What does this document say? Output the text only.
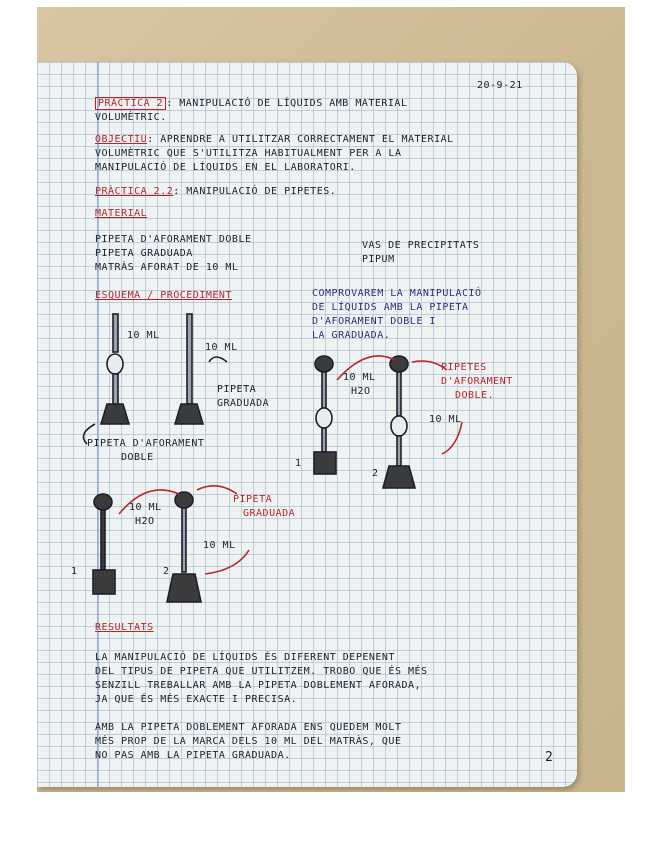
20-9-21
PRÀCTICA 2 : MANIPULACIÓ DE LÍQUIDS AMB MATERIAL
VOLUMÈTRIC.
OBJECTIU: APRENDRE A UTILITZAR CORRECTAMENT EL MATERIAL
VOLUMÈTRIC QUE S'UTILITZA HABITUALMENT PER A LA
MANIPULACIÓ DE LÍQUIDS EN EL LABORATORI.
PRÀCTICA 2.2: MANIPULACIÓ DE PIPETES.
MATERIAL
PIPETA D'AFORAMENT DOBLE
PIPETA GRADUADA
MATRÀS AFORAT DE 10 ML
VAS DE PRECIPITATS
PIPUM
ESQUEMA / PROCEDIMENT	COMPROVAREM LA MANIPULACIÓ
DE LÍQUIDS AMB LA PIPETA
D'AFORAMENT DOBLE I
LA GRADUADA.
10 ML
10 ML
PIPETA
GRADUADA
PIPETA D'AFORAMENT
DOBLE
10 ML
H2O
PIPETES
D'AFORAMENT
DOBLE.
10 ML
1
2
10 ML
H2O
PIPETA
GRADUADA
10 ML
1	2
RESULTATS
LA MANIPULACIÓ DE LÍQUIDS ÉS DIFERENT DEPENENT
DEL TIPUS DE PIPETA QUE UTILITZEM. TROBO QUE ÉS MÉS
SENZILL TREBALLAR AMB LA PIPETA DOBLEMENT AFORADA,
JA QUE ÉS MÉS EXACTE I PRECISA.
AMB LA PIPETA DOBLEMENT AFORADA ENS QUEDEM MOLT
MÉS PROP DE LA MARCA DELS 10 ML DEL MATRÀS, QUE
NO PAS AMB LA PIPETA GRADUADA.	2
